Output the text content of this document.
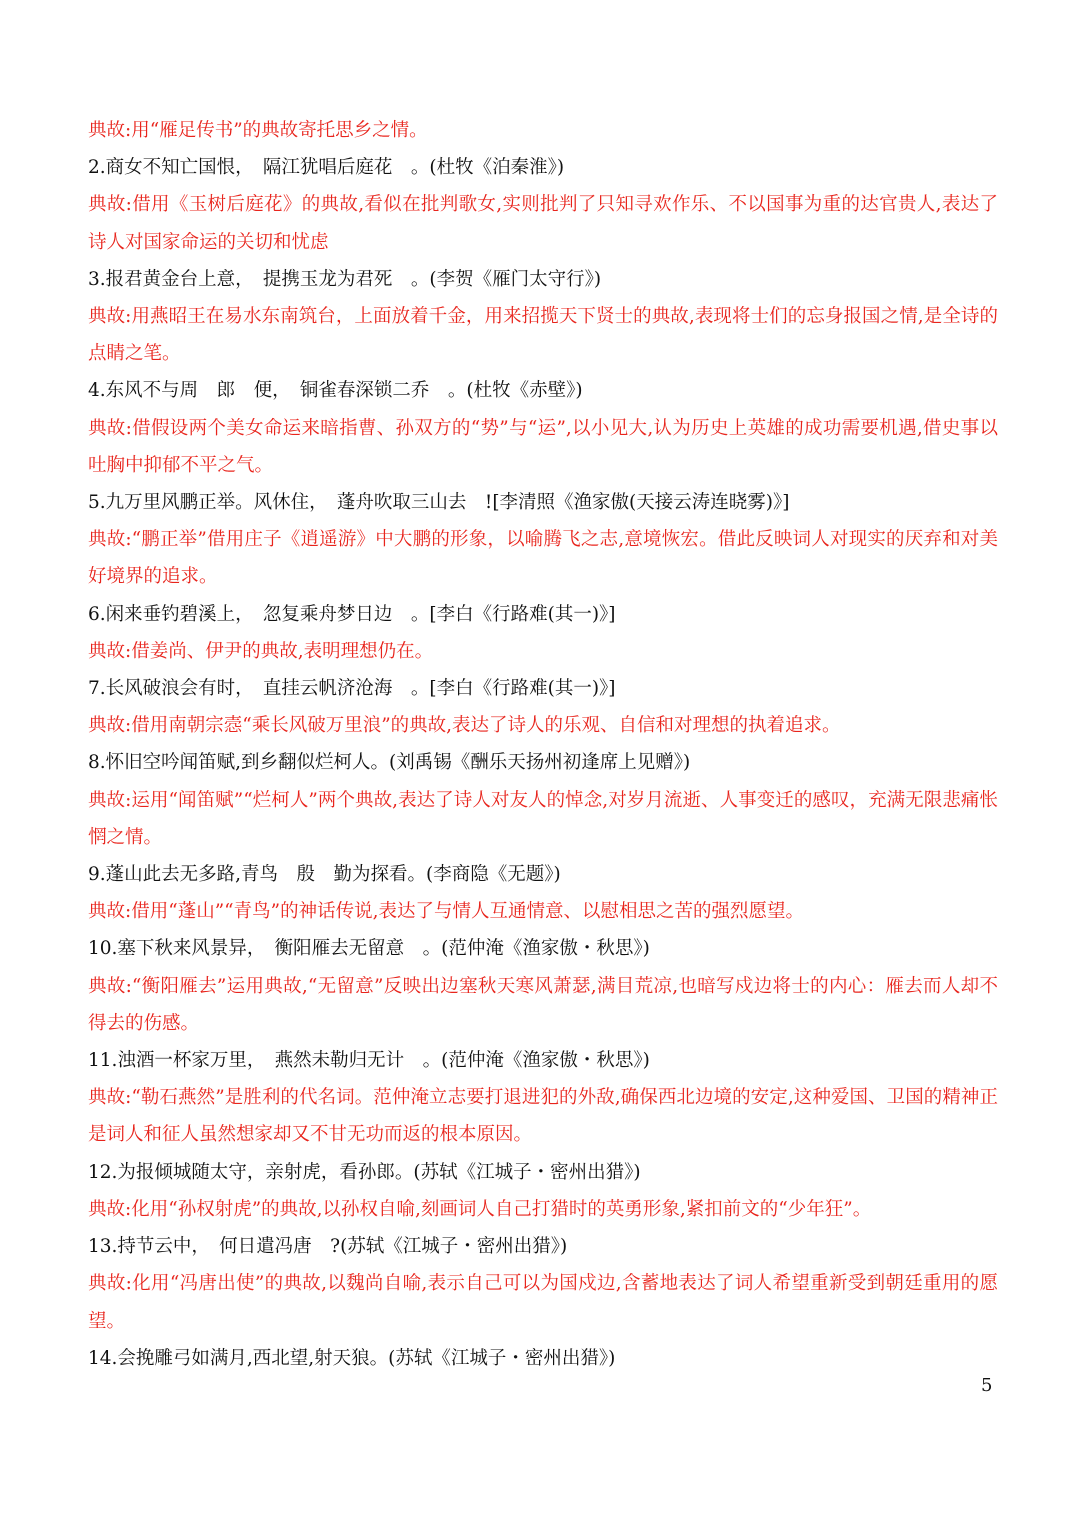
典故:用“雁足传书”的典故寄托思乡之情。

2.商女不知亡国恨，　隔江犹唱后庭花　。(杜牧《泊秦淮》)

典故:借用《玉树后庭花》的典故,看似在批判歌女,实则批判了只知寻欢作乐、不以国事为重的达官贵人,表达了诗人对国家命运的关切和忧虑

3.报君黄金台上意，　提携玉龙为君死　。(李贺《雁门太守行》)

典故:用燕昭王在易水东南筑台，上面放着千金，用来招揽天下贤士的典故,表现将士们的忘身报国之情,是全诗的点睛之笔。

4.东风不与周　郎　便，　铜雀春深锁二乔　。(杜牧《赤壁》)

典故:借假设两个美女命运来暗指曹、孙双方的“势”与“运”,以小见大,认为历史上英雄的成功需要机遇,借史事以吐胸中抑郁不平之气。

5.九万里风鹏正举。风休住，　蓬舟吹取三山去　![李清照《渔家傲(天接云涛连晓雾)》]

典故:“鹏正举”借用庄子《逍遥游》中大鹏的形象，以喻腾飞之志,意境恢宏。借此反映词人对现实的厌弃和对美好境界的追求。

6.闲来垂钓碧溪上，　忽复乘舟梦日边　。[李白《行路难(其一)》]

典故:借姜尚、伊尹的典故,表明理想仍在。

7.长风破浪会有时，　直挂云帆济沧海　。[李白《行路难(其一)》]

典故:借用南朝宗悫“乘长风破万里浪”的典故,表达了诗人的乐观、自信和对理想的执着追求。

8.怀旧空吟闻笛赋,到乡翻似烂柯人。(刘禹锡《酬乐天扬州初逢席上见赠》)

典故:运用“闻笛赋”“烂柯人”两个典故,表达了诗人对友人的悼念,对岁月流逝、人事变迁的感叹，充满无限悲痛怅惘之情。

9.蓬山此去无多路,青鸟　殷　勤为探看。(李商隐《无题》)

典故:借用“蓬山”“青鸟”的神话传说,表达了与情人互通情意、以慰相思之苦的强烈愿望。

10.塞下秋来风景异，　衡阳雁去无留意　。(范仲淹《渔家傲・秋思》)

典故:“衡阳雁去”运用典故,“无留意”反映出边塞秋天寒风萧瑟,满目荒凉,也暗写戍边将士的内心：雁去而人却不得去的伤感。

11.浊酒一杯家万里，　燕然未勒归无计　。(范仲淹《渔家傲・秋思》)

典故:“勒石燕然”是胜利的代名词。范仲淹立志要打退进犯的外敌,确保西北边境的安定,这种爱国、卫国的精神正是词人和征人虽然想家却又不甘无功而返的根本原因。

12.为报倾城随太守，亲射虎，看孙郎。(苏轼《江城子・密州出猎》)

典故:化用“孙权射虎”的典故,以孙权自喻,刻画词人自己打猎时的英勇形象,紧扣前文的“少年狂”。

13.持节云中，　何日遣冯唐　?(苏轼《江城子・密州出猎》)

典故:化用“冯唐出使”的典故,以魏尚自喻,表示自己可以为国戍边,含蓄地表达了词人希望重新受到朝廷重用的愿望。

14.会挽雕弓如满月,西北望,射天狼。(苏轼《江城子・密州出猎》)

5
